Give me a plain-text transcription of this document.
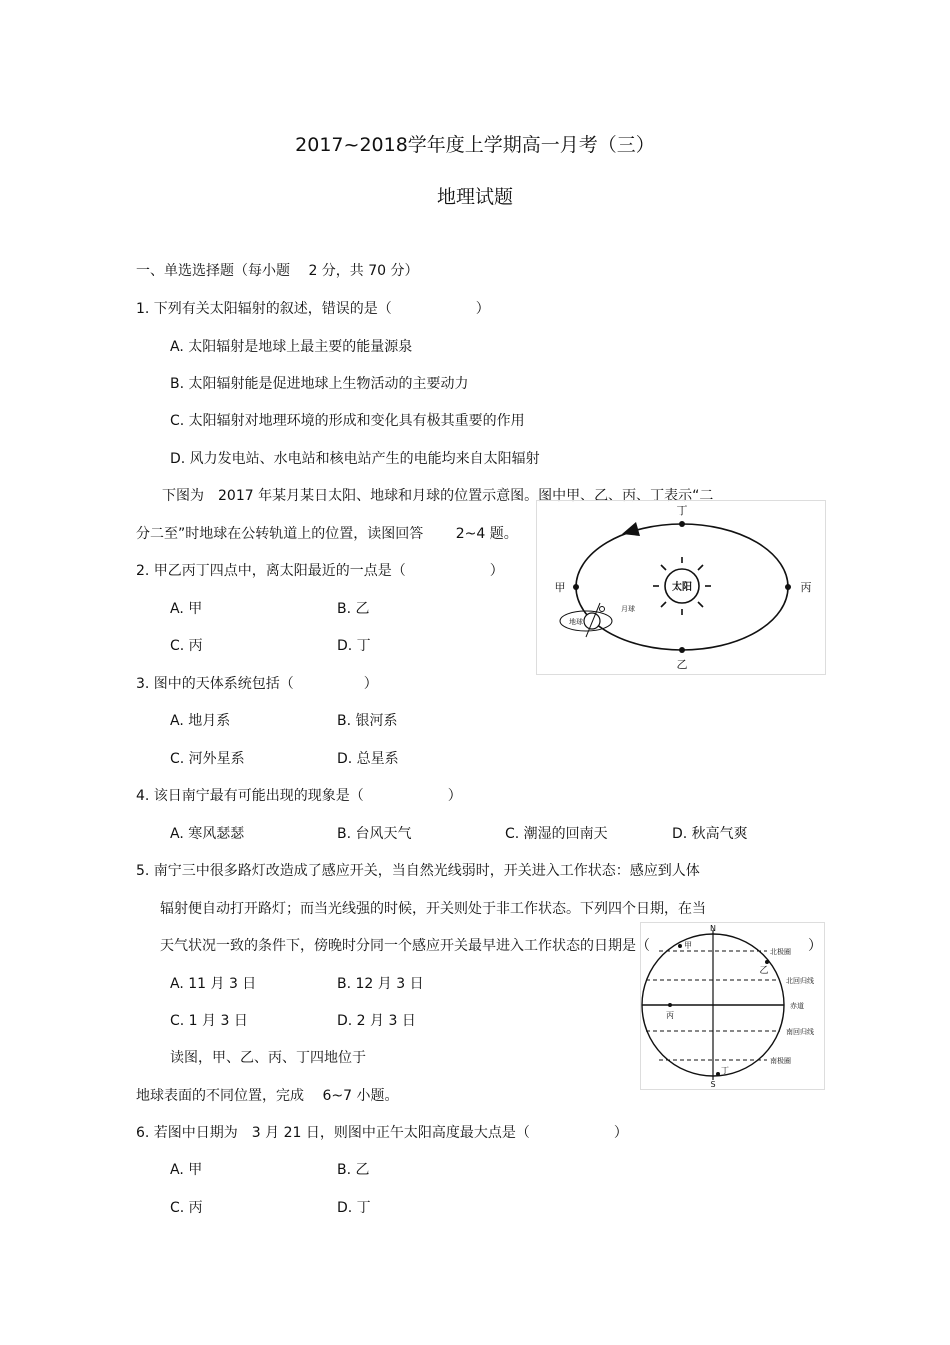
2017~2018学年度上学期高一月考（三）
地理试题
一、单选选择题（每小题　 2 分，共 70 分）
1. 下列有关太阳辐射的叙述，错误的是（　　　　　　）
A. 太阳辐射是地球上最主要的能量源泉
B. 太阳辐射能是促进地球上生物活动的主要动力
C. 太阳辐射对地理环境的形成和变化具有极其重要的作用
D. 风力发电站、水电站和核电站产生的电能均来自太阳辐射
下图为　2017 年某月某日太阳、地球和月球的位置示意图。图中甲、乙、丙、丁表示“二
分二至”时地球在公转轨道上的位置，读图回答　　 2~4 题。
2. 甲乙丙丁四点中，离太阳最近的一点是（　　　　　　）
A. 甲	B. 乙
C. 丙	D. 丁
3. 图中的天体系统包括（　　　　　）
A. 地月系	B. 银河系
C. 河外星系	D. 总星系
4. 该日南宁最有可能出现的现象是（　　　　　　）
A. 寒风瑟瑟	B. 台风天气	C. 潮湿的回南天	D. 秋高气爽
5. 南宁三中很多路灯改造成了感应开关，当自然光线弱时，开关进入工作状态：感应到人体
辐射便自动打开路灯；而当光线强的时候，开关则处于非工作状态。下列四个日期，在当
天气状况一致的条件下，傍晚时分同一个感应开关最早进入工作状态的日期是（	）
A. 11 月 3 日	B. 12 月 3 日
C. 1 月 3 日	D. 2 月 3 日
读图，甲、乙、丙、丁四地位于
地球表面的不同位置，完成　 6~7 小题。
6. 若图中日期为　3 月 21 日，则图中正午太阳高度最大点是（　　　　　　）
A. 甲	B. 乙
C. 丙	D. 丁
太阳
丁
乙
甲	丙
地球
月球
N
S
甲
乙
丙
丁
北极圈
北回归线
赤道
南回归线
南极圈
